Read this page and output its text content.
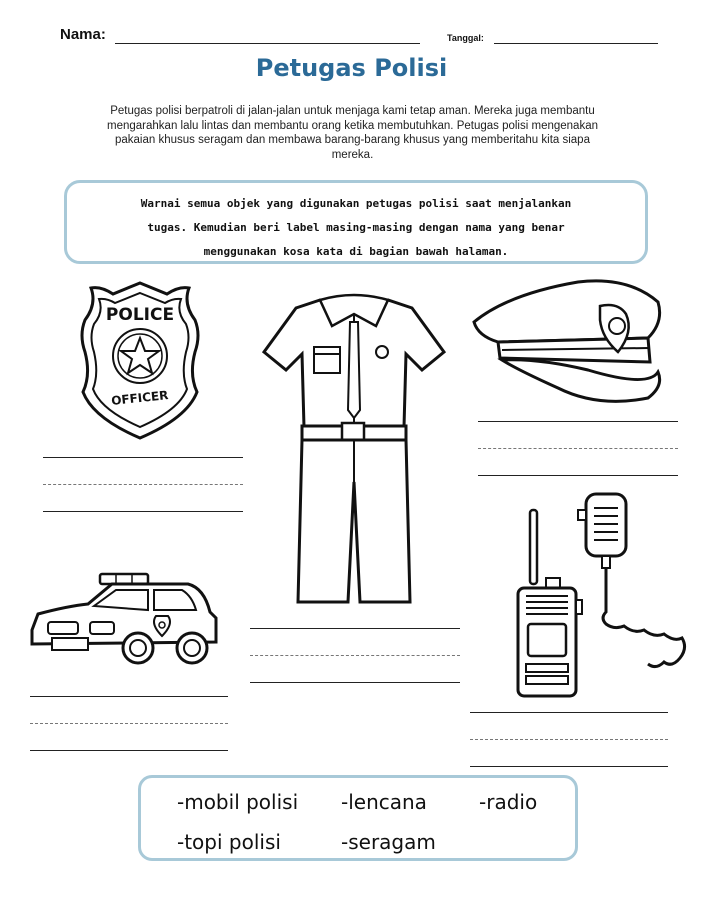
Nama:	Tanggal:
Petugas Polisi
Petugas polisi berpatroli di jalan-jalan untuk menjaga kami tetap aman. Mereka juga membantu mengarahkan lalu lintas dan membantu orang ketika membutuhkan. Petugas polisi mengenakan pakaian khusus seragam dan membawa barang-barang khusus yang memberitahu kita siapa mereka.
Warnai semua objek yang digunakan petugas polisi saat menjalankan
tugas. Kemudian beri label masing-masing dengan nama yang benar
menggunakan kosa kata di bagian bawah halaman.
POLICE
OFFICER
-mobil polisi -lencana	-radio
-topi polisi	-seragam
